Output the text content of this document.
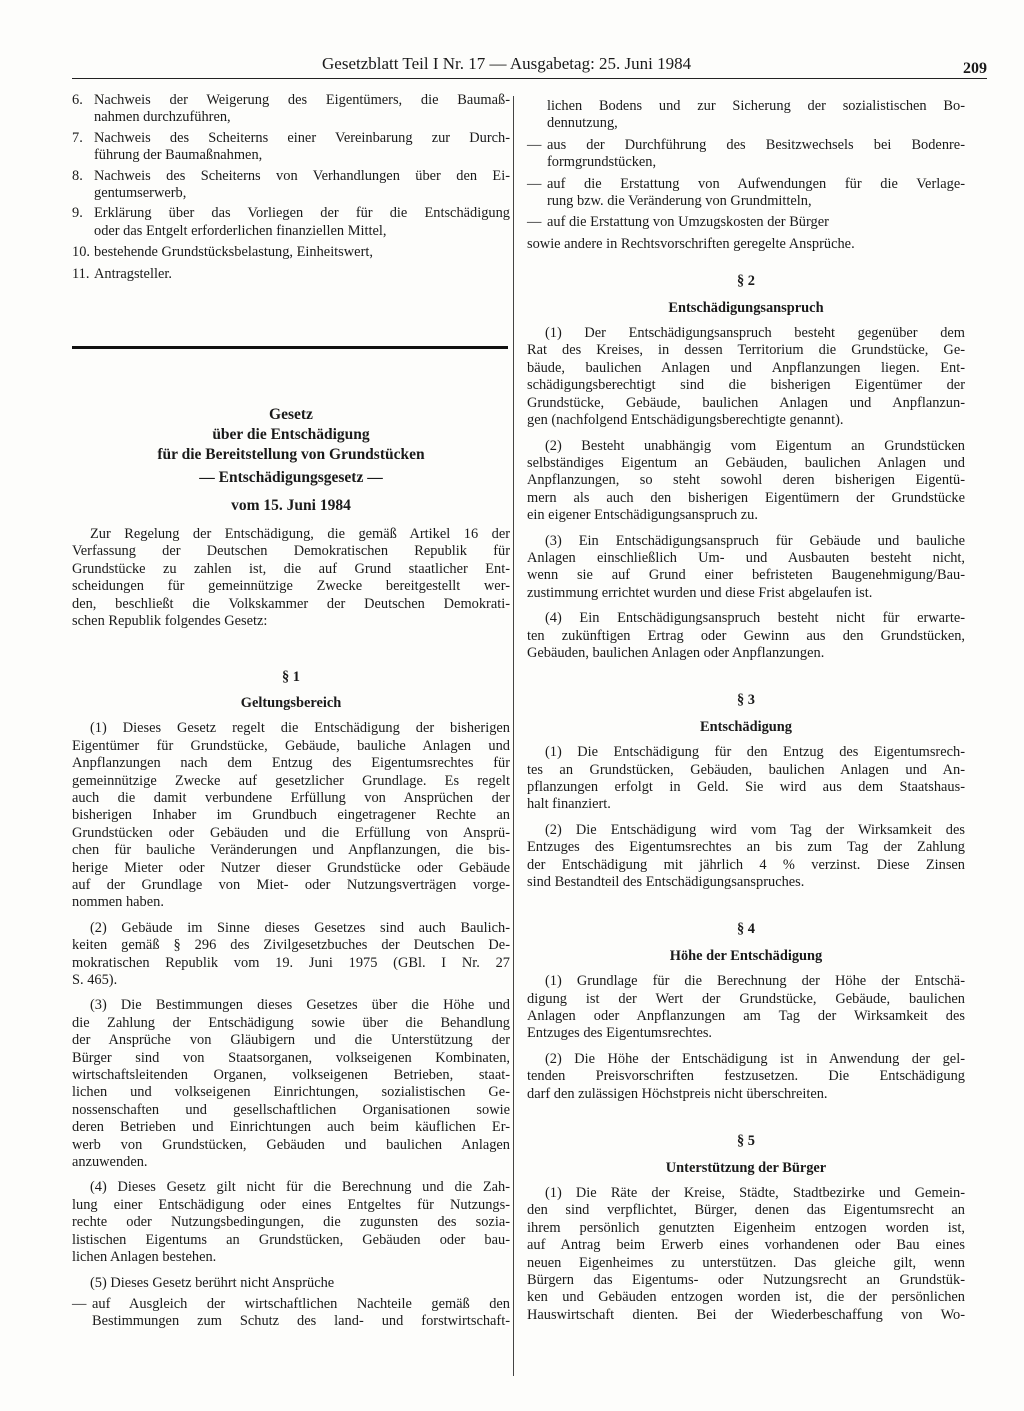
Gesetzblatt Teil I Nr. 17 — Ausgabetag: 25. Juni 1984	209
6. Nachweis der Weigerung des Eigentümers, die Baumaß-
nahmen durchzuführen,
7. Nachweis des Scheiterns einer Vereinbarung zur Durch-
führung der Baumaßnahmen,
8. Nachweis des Scheiterns von Verhandlungen über den Ei-
gentumserwerb,
9. Erklärung über das Vorliegen der für die Entschädigung
oder das Entgelt erforderlichen finanziellen Mittel,
10. bestehende Grundstücksbelastung, Einheitswert,
11. Antragsteller.
Gesetz
über die Entschädigung
für die Bereitstellung von Grundstücken
— Entschädigungsgesetz —
vom 15. Juni 1984
Zur Regelung der Entschädigung, die gemäß Artikel 16 der
Verfassung der Deutschen Demokratischen Republik für
Grundstücke zu zahlen ist, die auf Grund staatlicher Ent-
scheidungen für gemeinnützige Zwecke bereitgestellt wer-
den, beschließt die Volkskammer der Deutschen Demokrati-
schen Republik folgendes Gesetz:
§ 1
Geltungsbereich
(1) Dieses Gesetz regelt die Entschädigung der bisherigen
Eigentümer für Grundstücke, Gebäude, bauliche Anlagen und
Anpflanzungen nach dem Entzug des Eigentumsrechtes für
gemeinnützige Zwecke auf gesetzlicher Grundlage. Es regelt
auch die damit verbundene Erfüllung von Ansprüchen der
bisherigen Inhaber im Grundbuch eingetragener Rechte an
Grundstücken oder Gebäuden und die Erfüllung von Ansprü-
chen für bauliche Veränderungen und Anpflanzungen, die bis-
herige Mieter oder Nutzer dieser Grundstücke oder Gebäude
auf der Grundlage von Miet- oder Nutzungsverträgen vorge-
nommen haben.
(2) Gebäude im Sinne dieses Gesetzes sind auch Baulich-
keiten gemäß § 296 des Zivilgesetzbuches der Deutschen De-
mokratischen Republik vom 19. Juni 1975 (GBl. I Nr. 27
S. 465).
(3) Die Bestimmungen dieses Gesetzes über die Höhe und
die Zahlung der Entschädigung sowie über die Behandlung
der Ansprüche von Gläubigern und die Unterstützung der
Bürger sind von Staatsorganen, volkseigenen Kombinaten,
wirtschaftsleitenden Organen, volkseigenen Betrieben, staat-
lichen und volkseigenen Einrichtungen, sozialistischen Ge-
nossenschaften und gesellschaftlichen Organisationen sowie
deren Betrieben und Einrichtungen auch beim käuflichen Er-
werb von Grundstücken, Gebäuden und baulichen Anlagen
anzuwenden.
(4) Dieses Gesetz gilt nicht für die Berechnung und die Zah-
lung einer Entschädigung oder eines Entgeltes für Nutzungs-
rechte oder Nutzungsbedingungen, die zugunsten des sozia-
listischen Eigentums an Grundstücken, Gebäuden oder bau-
lichen Anlagen bestehen.
(5) Dieses Gesetz berührt nicht Ansprüche
— auf Ausgleich der wirtschaftlichen Nachteile gemäß den
Bestimmungen zum Schutz des land- und forstwirtschaft-
lichen Bodens und zur Sicherung der sozialistischen Bo-
dennutzung,
— aus der Durchführung des Besitzwechsels bei Bodenre-
formgrundstücken,
— auf die Erstattung von Aufwendungen für die Verlage-
rung bzw. die Veränderung von Grundmitteln,
— auf die Erstattung von Umzugskosten der Bürger
sowie andere in Rechtsvorschriften geregelte Ansprüche.
§ 2
Entschädigungsanspruch
(1) Der Entschädigungsanspruch besteht gegenüber dem
Rat des Kreises, in dessen Territorium die Grundstücke, Ge-
bäude, baulichen Anlagen und Anpflanzungen liegen. Ent-
schädigungsberechtigt sind die bisherigen Eigentümer der
Grundstücke, Gebäude, baulichen Anlagen und Anpflanzun-
gen (nachfolgend Entschädigungsberechtigte genannt).
(2) Besteht unabhängig vom Eigentum an Grundstücken
selbständiges Eigentum an Gebäuden, baulichen Anlagen und
Anpflanzungen, so steht sowohl deren bisherigen Eigentü-
mern als auch den bisherigen Eigentümern der Grundstücke
ein eigener Entschädigungsanspruch zu.
(3) Ein Entschädigungsanspruch für Gebäude und bauliche
Anlagen einschließlich Um- und Ausbauten besteht nicht,
wenn sie auf Grund einer befristeten Baugenehmigung/Bau-
zustimmung errichtet wurden und diese Frist abgelaufen ist.
(4) Ein Entschädigungsanspruch besteht nicht für erwarte-
ten zukünftigen Ertrag oder Gewinn aus den Grundstücken,
Gebäuden, baulichen Anlagen oder Anpflanzungen.
§ 3
Entschädigung
(1) Die Entschädigung für den Entzug des Eigentumsrech-
tes an Grundstücken, Gebäuden, baulichen Anlagen und An-
pflanzungen erfolgt in Geld. Sie wird aus dem Staatshaus-
halt finanziert.
(2) Die Entschädigung wird vom Tag der Wirksamkeit des
Entzuges des Eigentumsrechtes an bis zum Tag der Zahlung
der Entschädigung mit jährlich 4 % verzinst. Diese Zinsen
sind Bestandteil des Entschädigungsanspruches.
§ 4
Höhe der Entschädigung
(1) Grundlage für die Berechnung der Höhe der Entschä-
digung ist der Wert der Grundstücke, Gebäude, baulichen
Anlagen oder Anpflanzungen am Tag der Wirksamkeit des
Entzuges des Eigentumsrechtes.
(2) Die Höhe der Entschädigung ist in Anwendung der gel-
tenden Preisvorschriften festzusetzen. Die Entschädigung
darf den zulässigen Höchstpreis nicht überschreiten.
§ 5
Unterstützung der Bürger
(1) Die Räte der Kreise, Städte, Stadtbezirke und Gemein-
den sind verpflichtet, Bürger, denen das Eigentumsrecht an
ihrem persönlich genutzten Eigenheim entzogen worden ist,
auf Antrag beim Erwerb eines vorhandenen oder Bau eines
neuen Eigenheimes zu unterstützen. Das gleiche gilt, wenn
Bürgern das Eigentums- oder Nutzungsrecht an Grundstük-
ken und Gebäuden entzogen worden ist, die der persönlichen
Hauswirtschaft dienten. Bei der Wiederbeschaffung von Wo-
